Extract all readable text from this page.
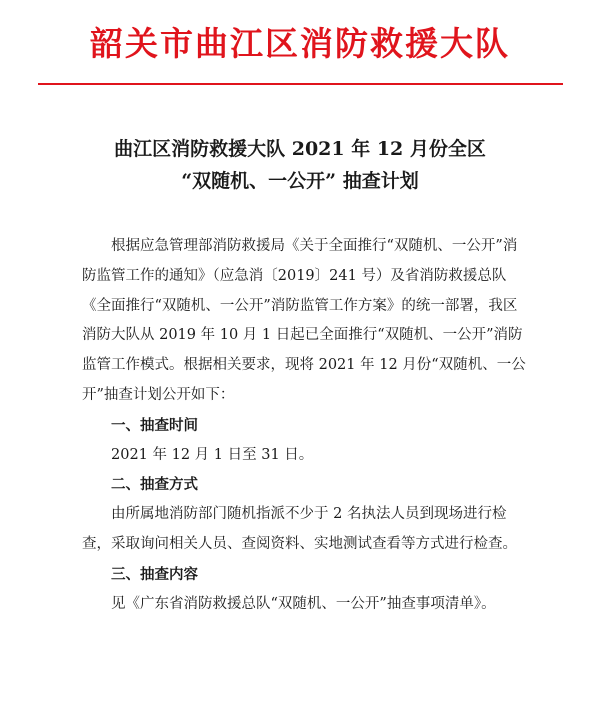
韶关市曲江区消防救援大队
曲江区消防救援大队 2021 年 12 月份全区
“双随机、一公开” 抽查计划

根据应急管理部消防救援局《关于全面推行“双随机、一公开”消防监管工作的通知》（应急消〔2019〕241 号）及省消防救援总队《全面推行“双随机、一公开”消防监管工作方案》的统一部署，我区消防大队从 2019 年 10 月 1 日起已全面推行“双随机、一公开”消防监管工作模式。根据相关要求，现将 2021 年 12 月份“双随机、一公开”抽查计划公开如下：

一、抽查时间

2021 年 12 月 1 日至 31 日。

二、抽查方式

由所属地消防部门随机指派不少于 2 名执法人员到现场进行检查，采取询问相关人员、查阅资料、实地测试查看等方式进行检查。

三、抽查内容

见《广东省消防救援总队“双随机、一公开”抽查事项清单》。
